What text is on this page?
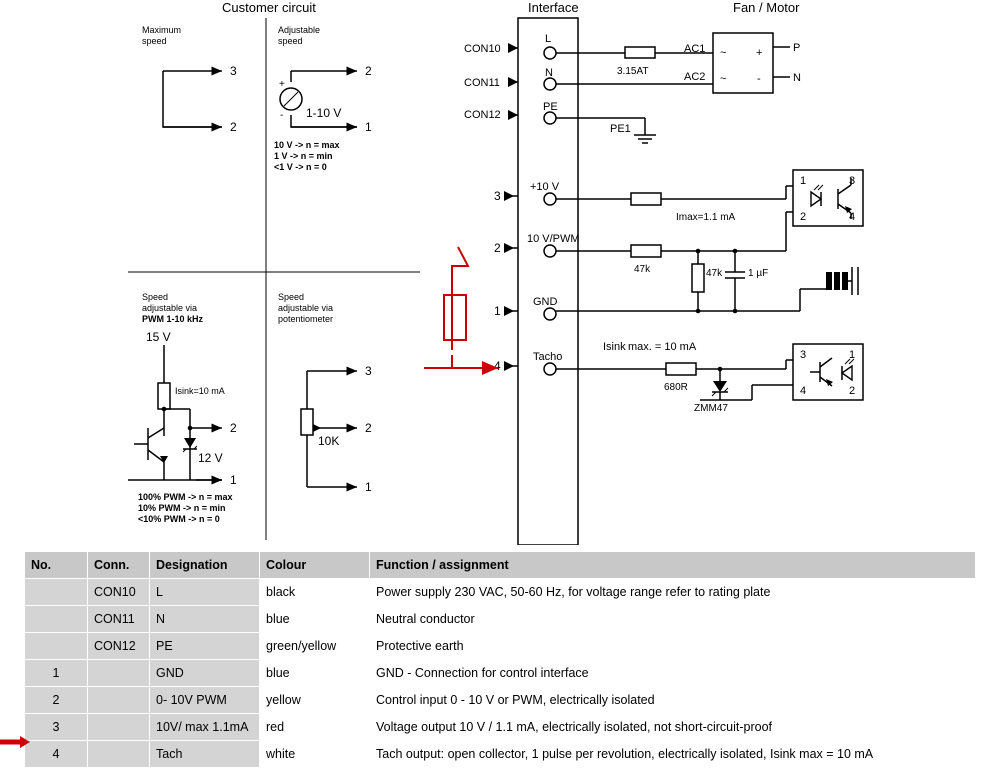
Customer circuit	Interface	Fan / Motor
Maximum
speed
3
2
Adjustable
speed
+
- 1-10 V
2
1
10 V -> n = max
1 V -> n = min
<1 V -> n = 0
Speed
adjustable via
PWM 1-10 kHz
15 V
Isink=10 mA
12 V
2
1
100% PWM -> n = max
10% PWM -> n = min
<10% PWM -> n = 0
Speed
adjustable via
potentiometer
10K
3
2
1
CON10
L
3.15AT
CON11
N
CON12
PE
PE1
3
+10 V
Imax=1.1 mA
2
10 V/PWM
47k	47k	1 µF
1
GND
4
Tacho
Isink max. = 10 mA
680R
ZMM47
AC1
AC2
~
~
+
-
P
N
1	3
2	4
3	1
4	2
No.	Conn.	Designation	Colour	Function / assignment
	CON10	L	black	Power supply 230 VAC, 50-60 Hz, for voltage range refer to rating plate
	CON11	N	blue	Neutral conductor
	CON12	PE	green/yellow	Protective earth
1		GND	blue	GND - Connection for control interface
2		0- 10V PWM	yellow	Control input 0 - 10 V or PWM, electrically isolated
3		10V/ max 1.1mA	red	Voltage output 10 V / 1.1 mA, electrically isolated, not short-circuit-proof
4		Tach	white	Tach output: open collector, 1 pulse per revolution, electrically isolated, Isink max = 10 mA
